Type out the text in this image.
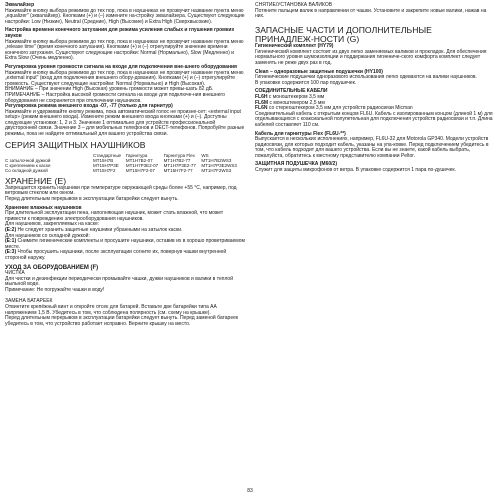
Эквалайзер

Нажимайте кнопку выбора режимов до тех пор, пока в наушниках не прозвучит название пункта меню „equalizer" (эквалайзер). Кнопками (+) и (–) измените на-стройку эквалайзера. Существуют следующие настройки: Low (Низкие), Neutral (Средние), High (Высокие) и Extra High (Сверхвысокие).

Настройка времени конечного затухания для режима усиления слабых и глушения громких звуков

Нажимайте кнопку выбора режимов до тех пор, пока в наушниках не прозвучит название пункта меню „release time" (время конечного затухания). Кнопками (+) и (–) отрегулируйте значение времени конечного затухания. Существуют следующие настройки: Normal (Нормально), Slow (Медленно) и Extra Slow (Очень медленно).

Регулировка уровня громкости сигнала на входе для подключения вне-шнего оборудования

Нажимайте кнопку выбора режимов до тех пор, пока в наушниках не прозвучит название пункта меню „external input" (вход для подключения внешнего обору-дования). Кнопками (+) и (–) отрегулируйте громкость. Существуют следующие настройки: Normal (Нормально) и High (Высокая).

ВНИМАНИЕ – При значении High (Высокая) уровень громкости может превы-шать 82 дБ.

ПРИМЕЧАНИЕ – Настройка высокой громкости сигнала на входе для подключе-ния внешнего оборудования не сохраняется при отключении наушников.

Регулировка режима внешнего входа -07, -77 (только для гарнитур)

Нажимайте и удерживайте кнопку режима, пока автоматический голос не произне-сет: «external input setup» (режим внешнего входа). Измените режим внешнего входа кнопками (+) и (–). Доступны следующие установки: 1, 2 и 3. Значение 1 оптимально для устройств профессиональной двусторонней связи. Значение 3 – для мобильных телефонов и DECT-телефонов. Попробуйте разные режимы, пока не найдете оптимальный для вашего устройства связи.

СЕРИЯ ЗАЩИТНЫХ НАУШНИКОВ
	Стандартные	Гарнитура	Гарнитура Flex	WS
С затылочной дужкой	MT15H7B	MT1H7B2-07	MT1H7B2-77	MT1H7B2WS3
С креплением к каске	MT15H7P3E	MT1H7P3E2-07	MT1H7P3E2-77	MT1H7P3E2WS3
Со складной дужкой	MT15H7F2	MT15H7F2-07	MT15H7F2-77	MT1H7F2WS3
ХРАНЕНИЕ (E)

Запрещается хранить наушники при температуре окружающей среды более +55 °С, например, под ветровым стеклом или окном.

Перед длительным перерывом в эксплуатации батарейки следует вынуть.

Хранение влажных наушников

При длительной эксплуатации пена, наполняющая наушник, может стать влажной, что может привести к повреждению электрооборудования наушников.

Для наушников, закрепляемых на каске:

(E:2) Не следует хранить защитные наушники убранными на затылок каски.

Для наушников со складной дужкой:

(E:1) Снимите гигиенические комплекты и просушите наушники, оставив их в хорошо проветриваемом месте.

(E:3) Чтобы просушить наушники, после эксплуатации согните их, повернув чашки внутренней стороной наружу.

УХОД ЗА ОБОРУДОВАНИЕМ (F)

ЧИСТКА

Для чистки и дезинфекции периодически промывайте чашки, дужки наушников и валики в теплой мыльной воде.

Примечание: Не погружайте чашки в воду!

ЗАМЕНА БАТАРЕЕК

Отвинтите крепёжный винт и откройте отсек для батарей. Вставьте две батарейки типа AA напряжением 1,5 В. Убедитесь в том, что соблюдена полярность (см. схему на крышке).

Перед длительным перерывом в эксплуатации батарейки следует вынуть. Перед заменой батареек убедитесь в том, что устройство работает исправно. Верните крышку на место.

СНЯТИЕ/УСТАНОВКА ВАЛИКОВ

Потяните пальцем валик в направлении от чашки. Установите и закрепите новые валики, нажав на них.

ЗАПАСНЫЕ ЧАСТИ И ДОПОЛНИТЕЛЬНЫЕ ПРИНАДЛЕЖ-НОСТИ (G)

Гигиенический комплект (HY79)

Гигиенический комплект состоит из двух легко заменяемых валиков и прокладок. Для обеспечения нормального уровня шумоизоляции и поддержания гигиениче-ского комфорта комплект следует заменять не реже двух раз в год.

Clean – одноразовые защитные подушечки (HY100)

Гигиенические подушечки одноразового использования легко одеваются на валики наушников.

В упаковке содержится 100 пар подушечек.

СОЕДИНИТЕЛЬНЫЕ КАБЕЛИ

FL6H с моноштекером 3,5 мм

FL6M с моноштекером 2,5 мм

FL6N со стереоштекером 3,5 мм для устройств радиосвязи Micman

Соединительный кабель с открытым концом FL6U. Кабель с изолированным концом (длиной 1 м) для отделывающихся с коаксиальной полупетельная для подключения устройств радиосвязи и т.п. Длина кабелей составляет 110 см.

Кабель для гарнитуры Flex (FL6U-**)

Выпускается в нескольких исполнениях, например, FL6U-32 для Motorola GP340. Модели устройств радиосвязи, для которых подходит кабель, указаны на упа-ковке. Перед подключением убедитесь в том, что кабель подходит для вашего устройства. Если вы не знаете, какой кабель выбрать, пожалуйста, обратитесь к местному представителю компании Peltor.

ЗАЩИТНАЯ ПОДУШЕЧКА (M60/2)

Служит для защиты микрофонов от ветра. В упаковке содержится 1 пара по-душечек.

83
